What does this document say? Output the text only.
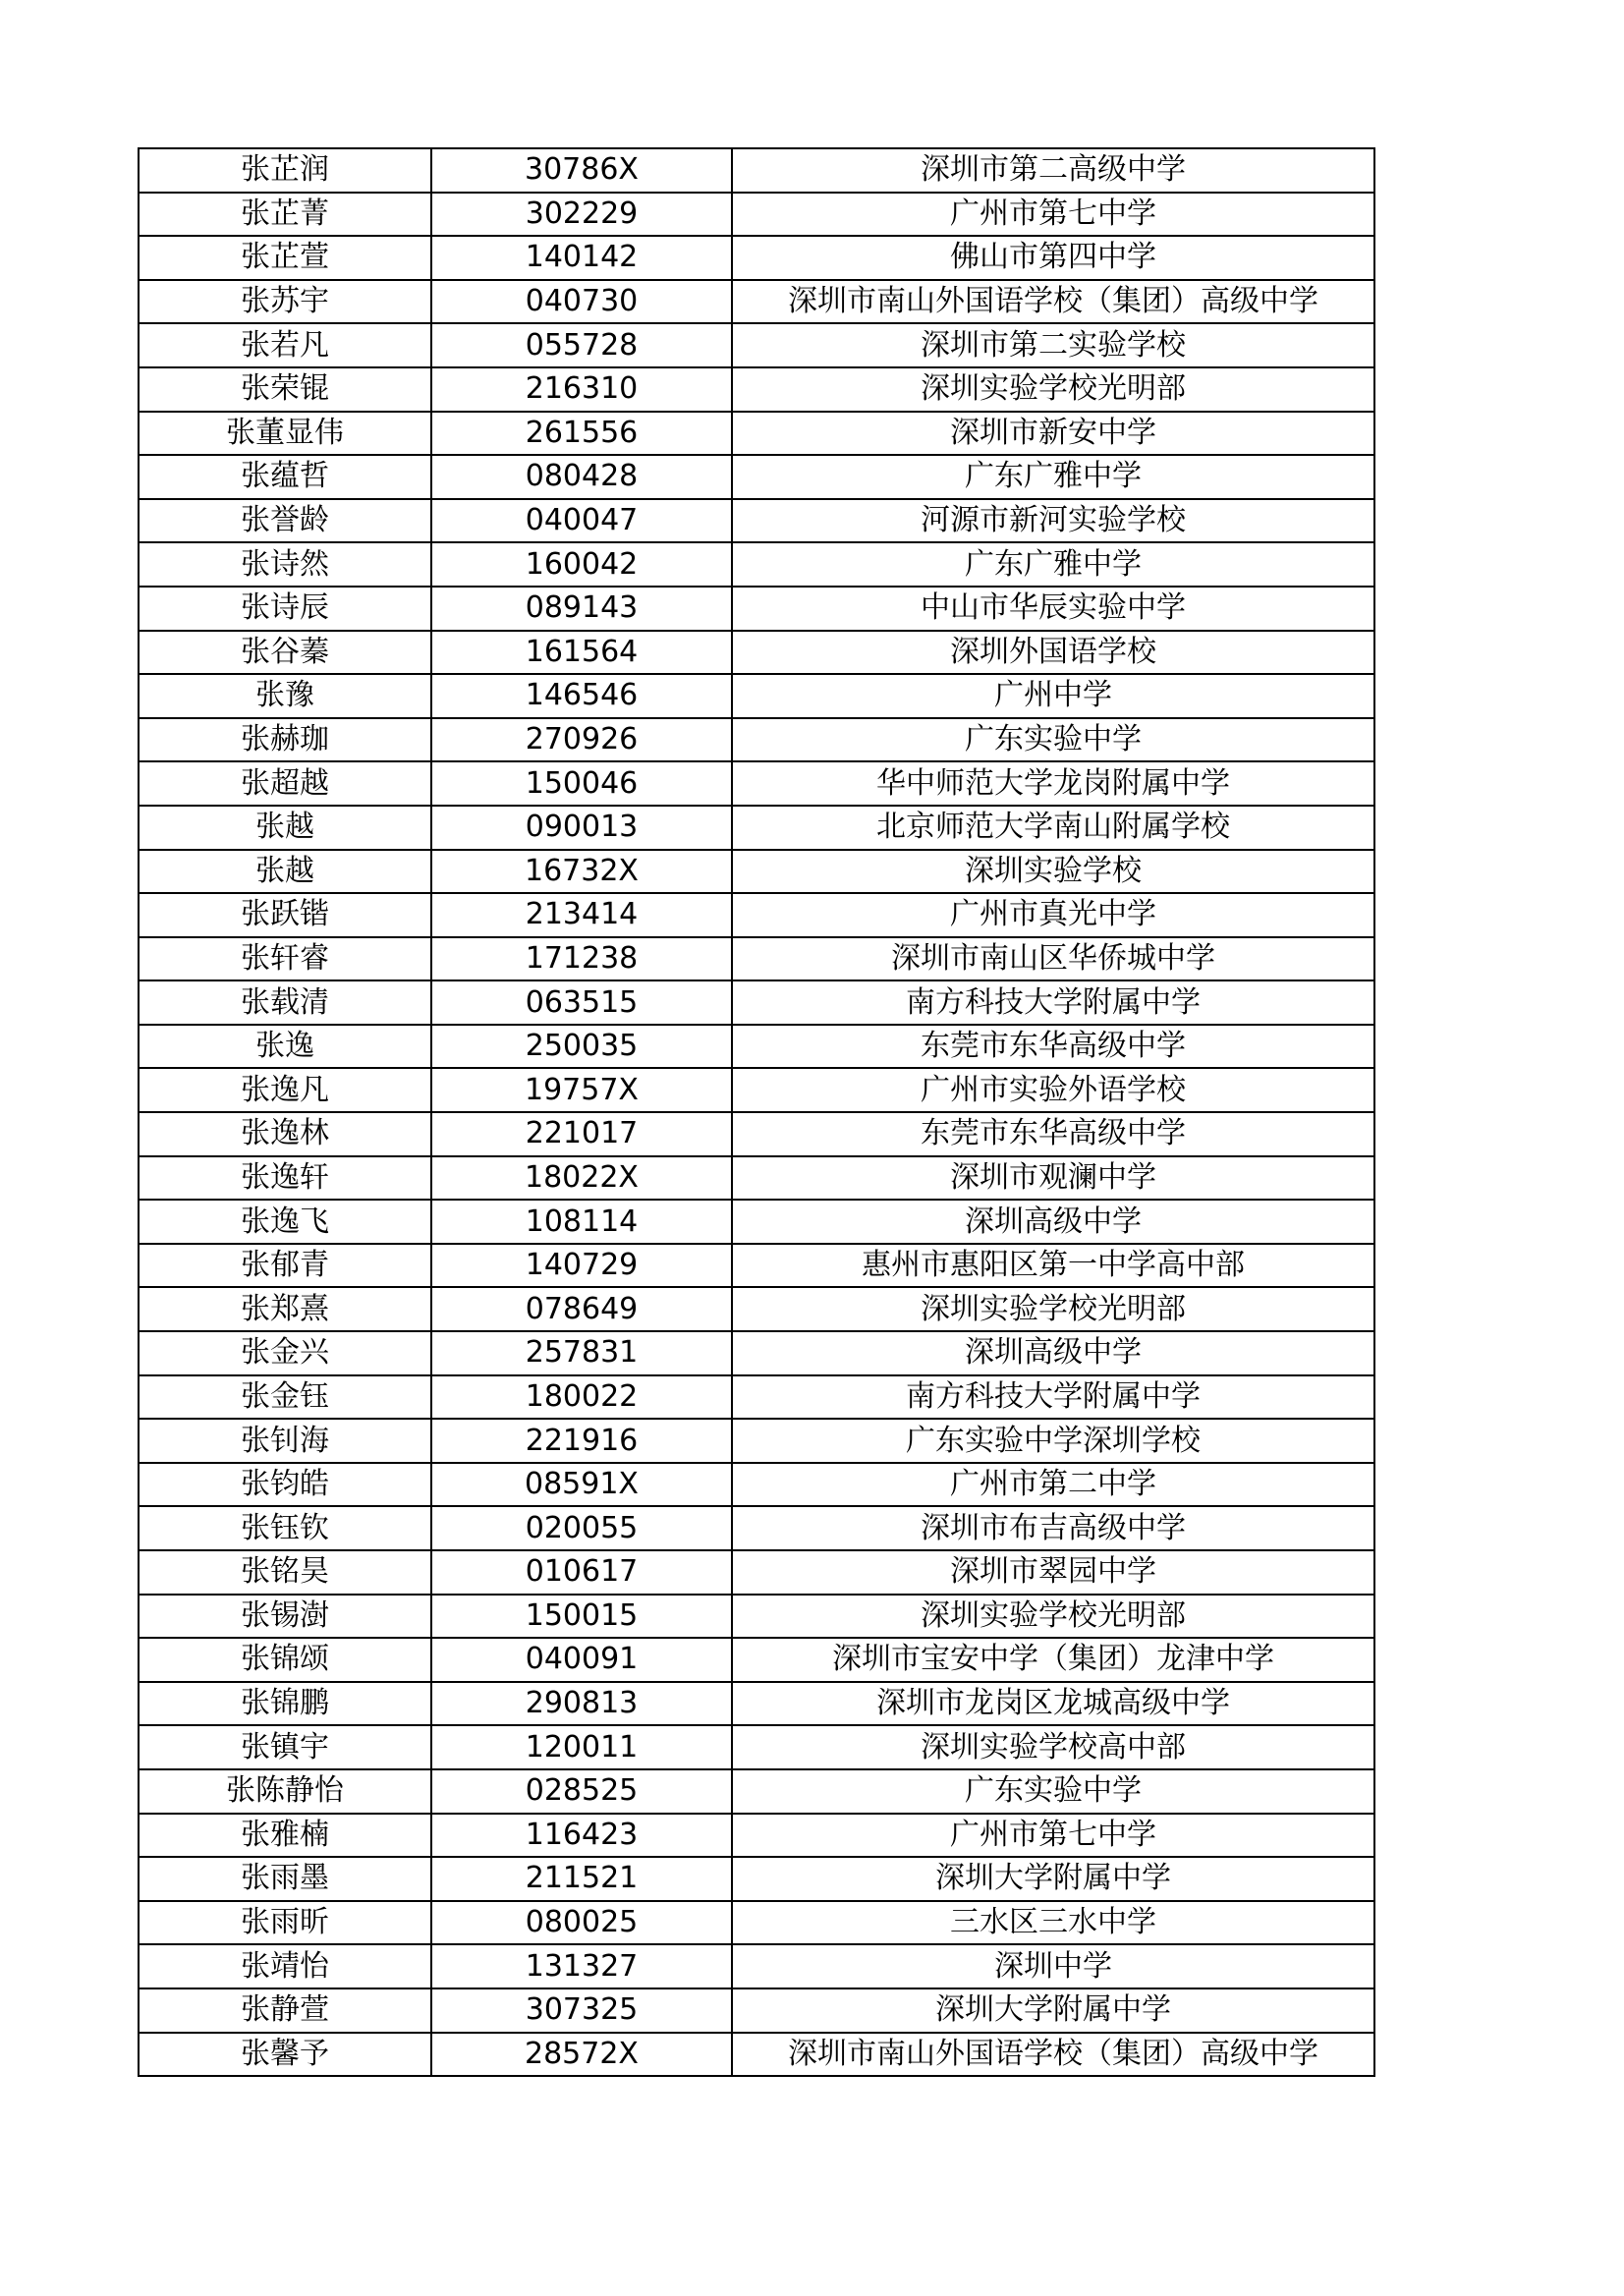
张芷润	30786X	深圳市第二高级中学
张芷菁	302229	广州市第七中学
张芷萱	140142	佛山市第四中学
张苏宇	040730	深圳市南山外国语学校（集团）高级中学
张若凡	055728	深圳市第二实验学校
张荣锟	216310	深圳实验学校光明部
张董显伟	261556	深圳市新安中学
张蕴哲	080428	广东广雅中学
张誉龄	040047	河源市新河实验学校
张诗然	160042	广东广雅中学
张诗辰	089143	中山市华辰实验中学
张谷蓁	161564	深圳外国语学校
张豫	146546	广州中学
张赫珈	270926	广东实验中学
张超越	150046	华中师范大学龙岗附属中学
张越	090013	北京师范大学南山附属学校
张越	16732X	深圳实验学校
张跃锴	213414	广州市真光中学
张轩睿	171238	深圳市南山区华侨城中学
张载清	063515	南方科技大学附属中学
张逸	250035	东莞市东华高级中学
张逸凡	19757X	广州市实验外语学校
张逸林	221017	东莞市东华高级中学
张逸轩	18022X	深圳市观澜中学
张逸飞	108114	深圳高级中学
张郁青	140729	惠州市惠阳区第一中学高中部
张郑熹	078649	深圳实验学校光明部
张金兴	257831	深圳高级中学
张金钰	180022	南方科技大学附属中学
张钊海	221916	广东实验中学深圳学校
张钧皓	08591X	广州市第二中学
张钰钦	020055	深圳市布吉高级中学
张铭昊	010617	深圳市翠园中学
张锡澍	150015	深圳实验学校光明部
张锦颂	040091	深圳市宝安中学（集团）龙津中学
张锦鹏	290813	深圳市龙岗区龙城高级中学
张镇宇	120011	深圳实验学校高中部
张陈静怡	028525	广东实验中学
张雅楠	116423	广州市第七中学
张雨墨	211521	深圳大学附属中学
张雨昕	080025	三水区三水中学
张靖怡	131327	深圳中学
张静萱	307325	深圳大学附属中学
张馨予	28572X	深圳市南山外国语学校（集团）高级中学
